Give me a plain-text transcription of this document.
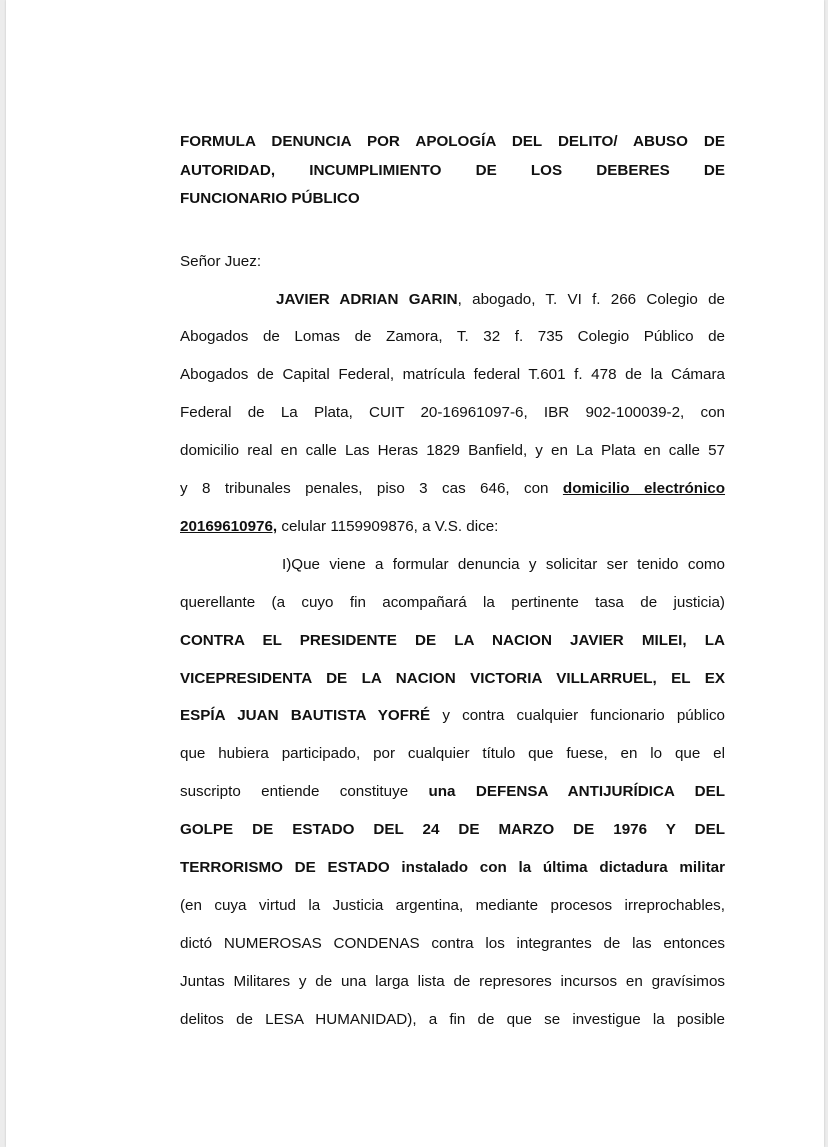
FORMULA DENUNCIA POR APOLOGÍA DEL DELITO/ ABUSO DE
AUTORIDAD, INCUMPLIMIENTO DE LOS DEBERES DE
FUNCIONARIO PÚBLICO

Señor Juez:

JAVIER ADRIAN GARIN, abogado, T. VI f. 266 Colegio de
Abogados de Lomas de Zamora, T. 32 f. 735 Colegio Público de
Abogados de Capital Federal, matrícula federal T.601 f. 478 de la Cámara
Federal de La Plata, CUIT 20-16961097-6, IBR 902-100039-2, con
domicilio real en calle Las Heras 1829 Banfield, y en La Plata en calle 57
y 8 tribunales penales, piso 3 cas 646, con domicilio electrónico
20169610976, celular 1159909876, a V.S. dice:

I)Que viene a formular denuncia y solicitar ser tenido como
querellante (a cuyo fin acompañará la pertinente tasa de justicia)
CONTRA EL PRESIDENTE DE LA NACION JAVIER MILEI, LA
VICEPRESIDENTA DE LA NACION VICTORIA VILLARRUEL, EL EX
ESPÍA JUAN BAUTISTA YOFRÉ y contra cualquier funcionario público
que hubiera participado, por cualquier título que fuese, en lo que el
suscripto entiende constituye una DEFENSA ANTIJURÍDICA DEL
GOLPE DE ESTADO DEL 24 DE MARZO DE 1976 Y DEL
TERRORISMO DE ESTADO instalado con la última dictadura militar
(en cuya virtud la Justicia argentina, mediante procesos irreprochables,
dictó NUMEROSAS CONDENAS contra los integrantes de las entonces
Juntas Militares y de una larga lista de represores incursos en gravísimos
delitos de LESA HUMANIDAD), a fin de que se investigue la posible
